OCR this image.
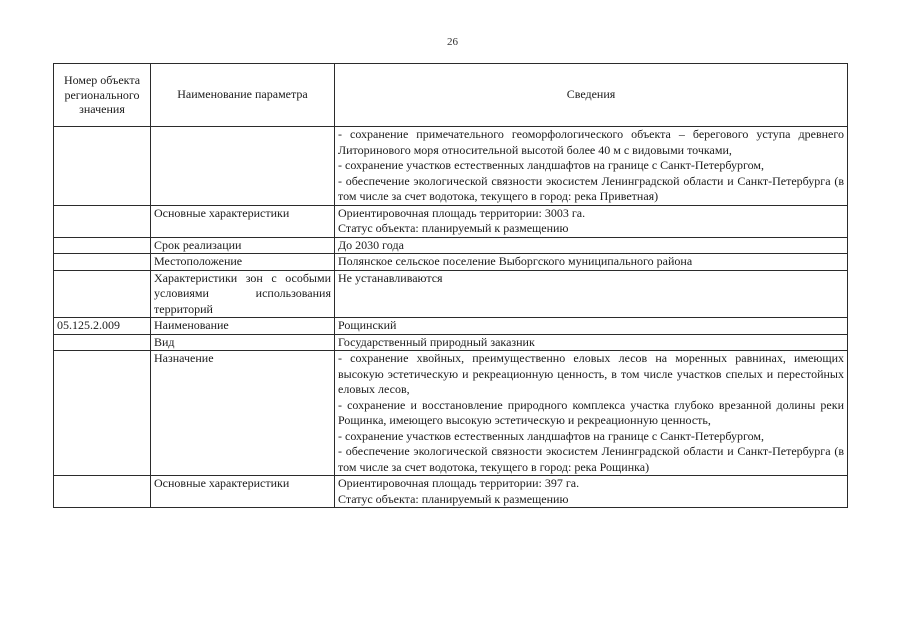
26
Номер объекта регионального значения	Наименование параметра	Сведения

		- сохранение примечательного геоморфологического объекта – берегового уступа древнего Литоринового моря относительной высотой более 40 м с видовыми точками,

- сохранение участков естественных ландшафтов на границе с Санкт-Петербургом,

- обеспечение экологической связности экосистем Ленинградской области и Санкт-Петербурга (в том числе за счет водотока, текущего в город: река Приветная)

	Основные характеристики	Ориентировочная площадь территории: 3003 га.

Статус объекта: планируемый к размещению

	Срок реализации	До 2030 года
	Местоположение	Полянское сельское поселение Выборгского муниципального района
	Характеристики зон с особыми условиями использования территорий	Не устанавливаются
05.125.2.009	Наименование	Рощинский
	Вид	Государственный природный заказник
	Назначение	- сохранение хвойных, преимущественно еловых лесов на моренных равнинах, имеющих высокую эстетическую и рекреационную ценность, в том числе участков спелых и перестойных еловых лесов,

- сохранение и восстановление природного комплекса участка глубоко врезанной долины реки Рощинка, имеющего высокую эстетическую и рекреационную ценность,

- сохранение участков естественных ландшафтов на границе с Санкт-Петербургом,

- обеспечение экологической связности экосистем Ленинградской области и Санкт-Петербурга (в том числе за счет водотока, текущего в город: река Рощинка)

	Основные характеристики	Ориентировочная площадь территории: 397 га.

Статус объекта: планируемый к размещению
